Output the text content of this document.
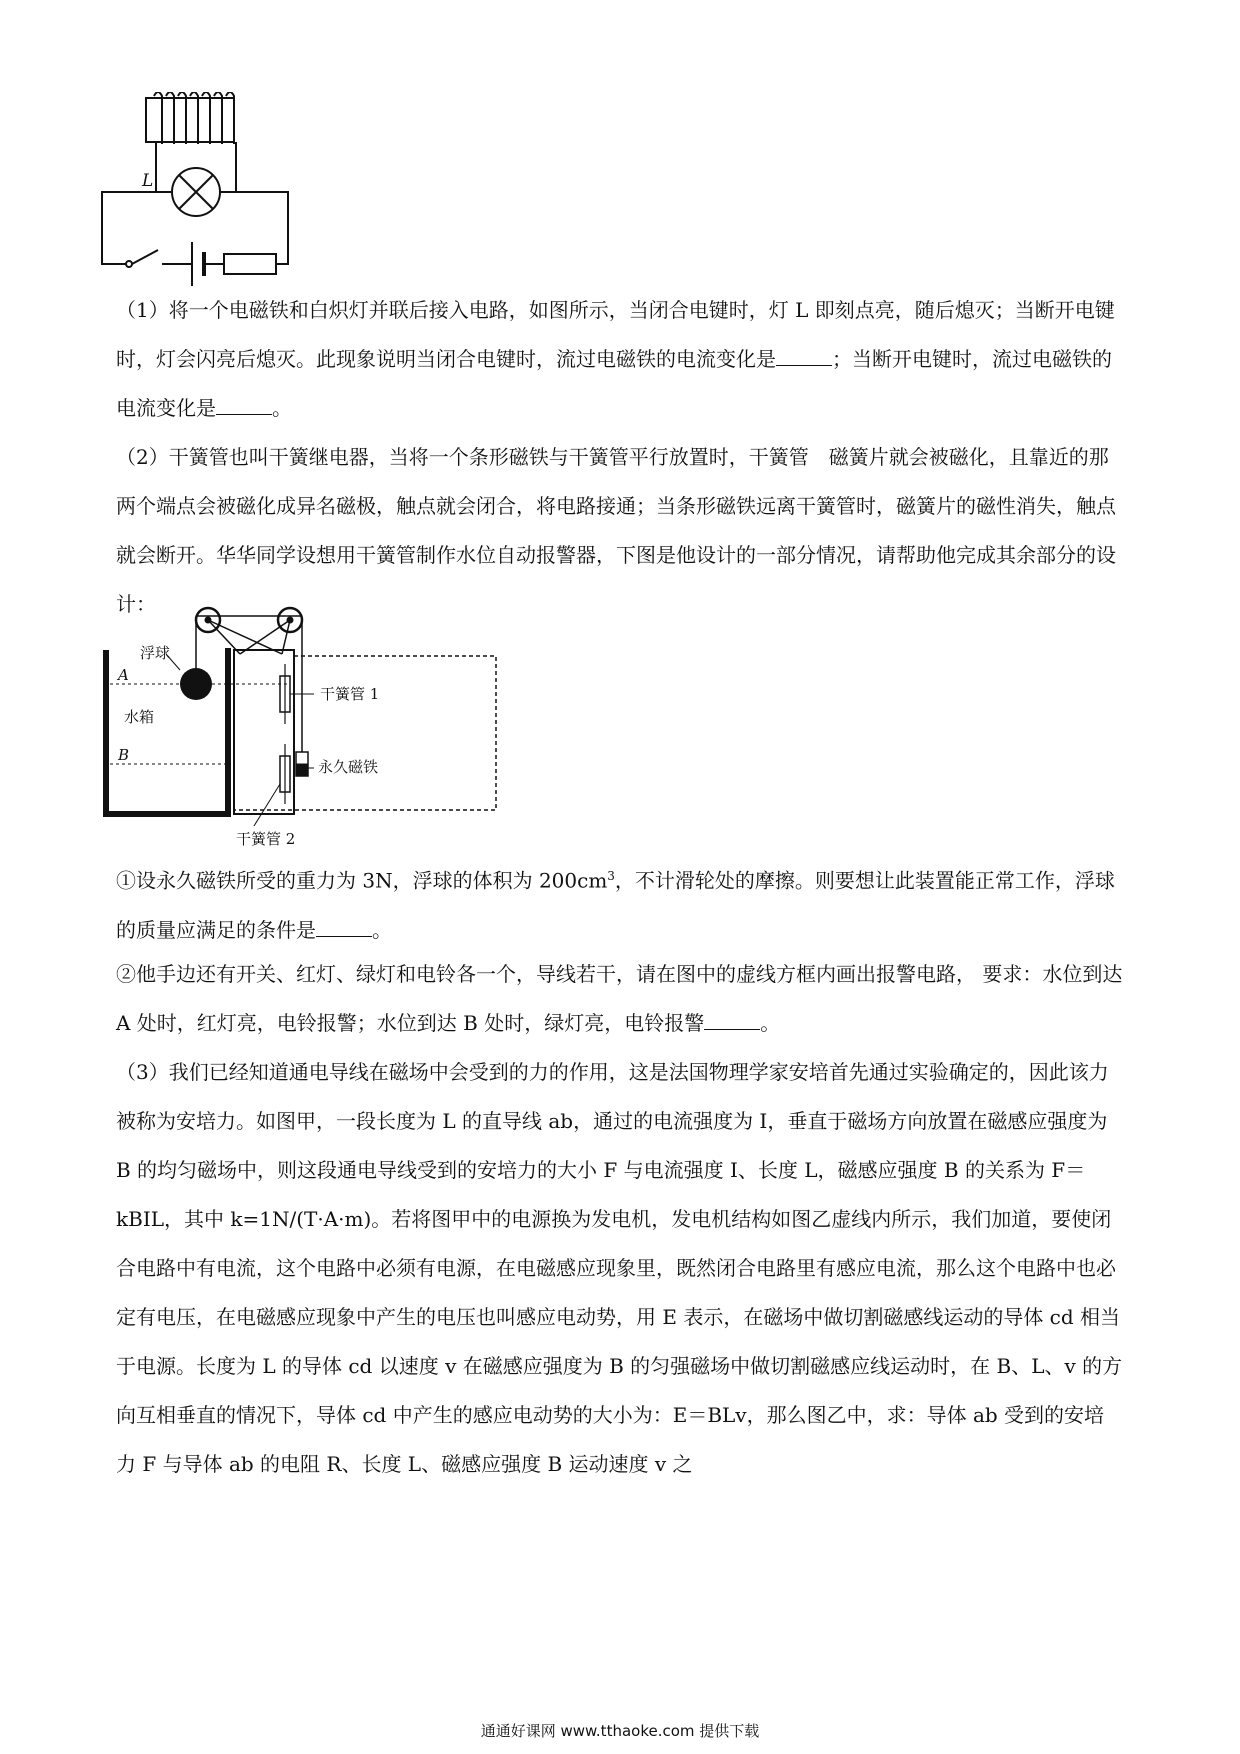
L

（1）将一个电磁铁和白炽灯并联后接入电路，如图所示，当闭合电键时，灯 L 即刻点亮，随后熄灭；当断开电键时，灯会闪亮后熄灭。此现象说明当闭合电键时，流过电磁铁的电流变化是	；当断开电键时，流过电磁铁的电流变化是	。

（2）干簧管也叫干簧继电器，当将一个条形磁铁与干簧管平行放置时，干簧管　磁簧片就会被磁化，且靠近的那两个端点会被磁化成异名磁极，触点就会闭合，将电路接通；当条形磁铁远离干簧管时，磁簧片的磁性消失，触点就会断开。华华同学设想用干簧管制作水位自动报警器，下图是他设计的一部分情况，请帮助他完成其余部分的设计：

浮球
A
水箱
B
干簧管 1
永久磁铁
干簧管 2

①设永久磁铁所受的重力为 3N，浮球的体积为 $200cm^3$，不计滑轮处的摩擦。则要想让此装置能正常工作，浮球的质量应满足的条件是	。

②他手边还有开关、红灯、绿灯和电铃各一个，导线若干，请在图中的虚线方框内画出报警电路， 要求：水位到达 A 处时，红灯亮，电铃报警；水位到达 B 处时，绿灯亮，电铃报警	。

（3）我们已经知道通电导线在磁场中会受到的力的作用，这是法国物理学家安培首先通过实验确定的，因此该力被称为安培力。如图甲，一段长度为 L 的直导线 ab，通过的电流强度为 I，垂直于磁场方向放置在磁感应强度为 B 的均匀磁场中，则这段通电导线受到的安培力的大小 F 与电流强度 I、长度 L，磁感应强度 B 的关系为 F＝kBIL，其中 k=1N/(T·A·m)。若将图甲中的电源换为发电机，发电机结构如图乙虚线内所示，我们加道，要使闭合电路中有电流，这个电路中必须有电源，在电磁感应现象里，既然闭合电路里有感应电流，那么这个电路中也必定有电压，在电磁感应现象中产生的电压也叫感应电动势，用 E 表示，在磁场中做切割磁感线运动的导体 cd 相当于电源。长度为 L 的导体 cd 以速度 v 在磁感应强度为 B 的匀强磁场中做切割磁感应线运动时，在 B、L、v 的方向互相垂直的情况下，导体 cd 中产生的感应电动势的大小为：E＝BLv，那么图乙中，求：导体 ab 受到的安培力 F 与导体 ab 的电阻 R、长度 L、磁感应强度 B 运动速度 v 之

通通好课网 www.tthaoke.com 提供下载
